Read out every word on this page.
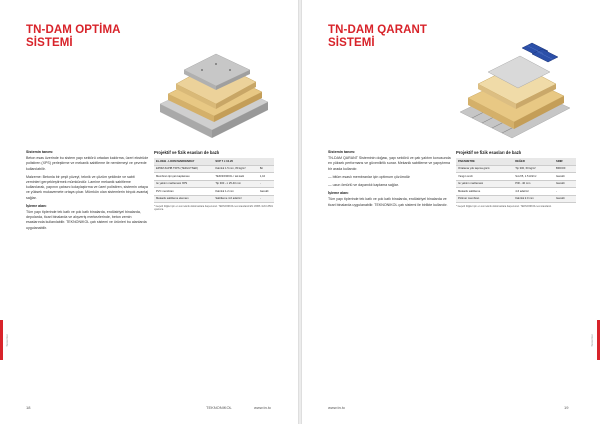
TN-DAM OPTİMA
SİSTEMİ

Sistemin tanımı

Beton esas üzerinde bu sistem yapı sektörü ortadan kaldırma, üzeri ekstrüde polistiren (XPS) yerleştirme ve mekanik sabitleme ile nemlemeyi ve çevrede kullanılabilir.

Malzeme: Betonla bir çeşit yüzeyi, teknik ve çözüm şeklinde ve sabit zeminleri gerçekleştirmek mümkündür. Lamine mekanik sabitleme kullanılarak, yapının çatısını kolaylaştırma ve üzeri polistiren, sistemin ortaya ve yüksek mukavemete ortaya çıkar. Mümkün olan sistemlerin birçok avantaj sağlar.

İşleme alanı

Tüm yapı tiplerinde tek katlı ve çok katlı binalarda, endüstriyel binalarda, depolarda, ticari binalarda ve alışveriş merkezlerinde, beton zemin esaslarında kullanılabilir. TEKNONIKOL çatı sistemi ve ürünleri bu alanlarda uygulanabilir.

Projektif ve fizik esasları de bazlı

EL-DEB - LOOM MARKENRAY	SUP 7 ≤ 10-20	
EPDM ZAPIB TIIPS (TERLUTSEK)	Kalınlık 1.5 mm, 80 kg/m³	8ö
Membran tipi çatı kaplaması	TEKNONIKOL / tek katlı	1,10
Isı yalıtım malzemesi XPS	Tip 300 - ≤ 25-40 mm	-
PVC membran	Kalınlık 1.2 mm	Gerekli
Mekanik sabitleme elemanı	Sabitleme 4-6 adet/m²	-

* Geçerli bilgiler için en son teknik dokümanlara başvurunuz. TEKNONIKOL test standardı EN 13956 / EN 13501 uyarınca.

Sistemler
18	TEKNONIKOL	www.tn.tc
TN-DAM QARANT
SİSTEMİ

Sistemin tanımı

TN-DAM QARANT Sisteminin doğası, yapı sektörü ve çatı yalıtım konusunda en yüksek performans ve güvenilirlik sunar. Mekanik sabitleme ve yapıştırma bir arada kullanılır.

— bitüm esaslı membranlar için optimum çözümdür

— uzun ömürlü ve dayanıklı kaplama sağlar.

İşleme alanı

Tüm yapı tiplerinde tek katlı ve çok katlı binalarda, endüstriyel binalarda ve ticari binalarda uygulanabilir. TEKNONIKOL çatı sistemi ile birlikte kullanılır.

Projektif ve fizik esasları de bazlı

PARAMETRE	DEĞER	SINIF
Ortalama yük taşıma gücü	Tip 300, 60 kg/m³	BROOF
Yangın sınıfı	Sınıf B, 1.5 kN/m²	Gerekli
Isı yalıtım malzemesi	PIR - 40 mm	Gerekli
Mekanik sabitleme	4-6 adet/m²	-
Polimer membran	Kalınlık 2.0 mm	Gerekli

* Geçerli bilgiler için en son teknik dokümanlara başvurunuz. TEKNONIKOL test standardı.

Sistemler
www.tn.tc	19
